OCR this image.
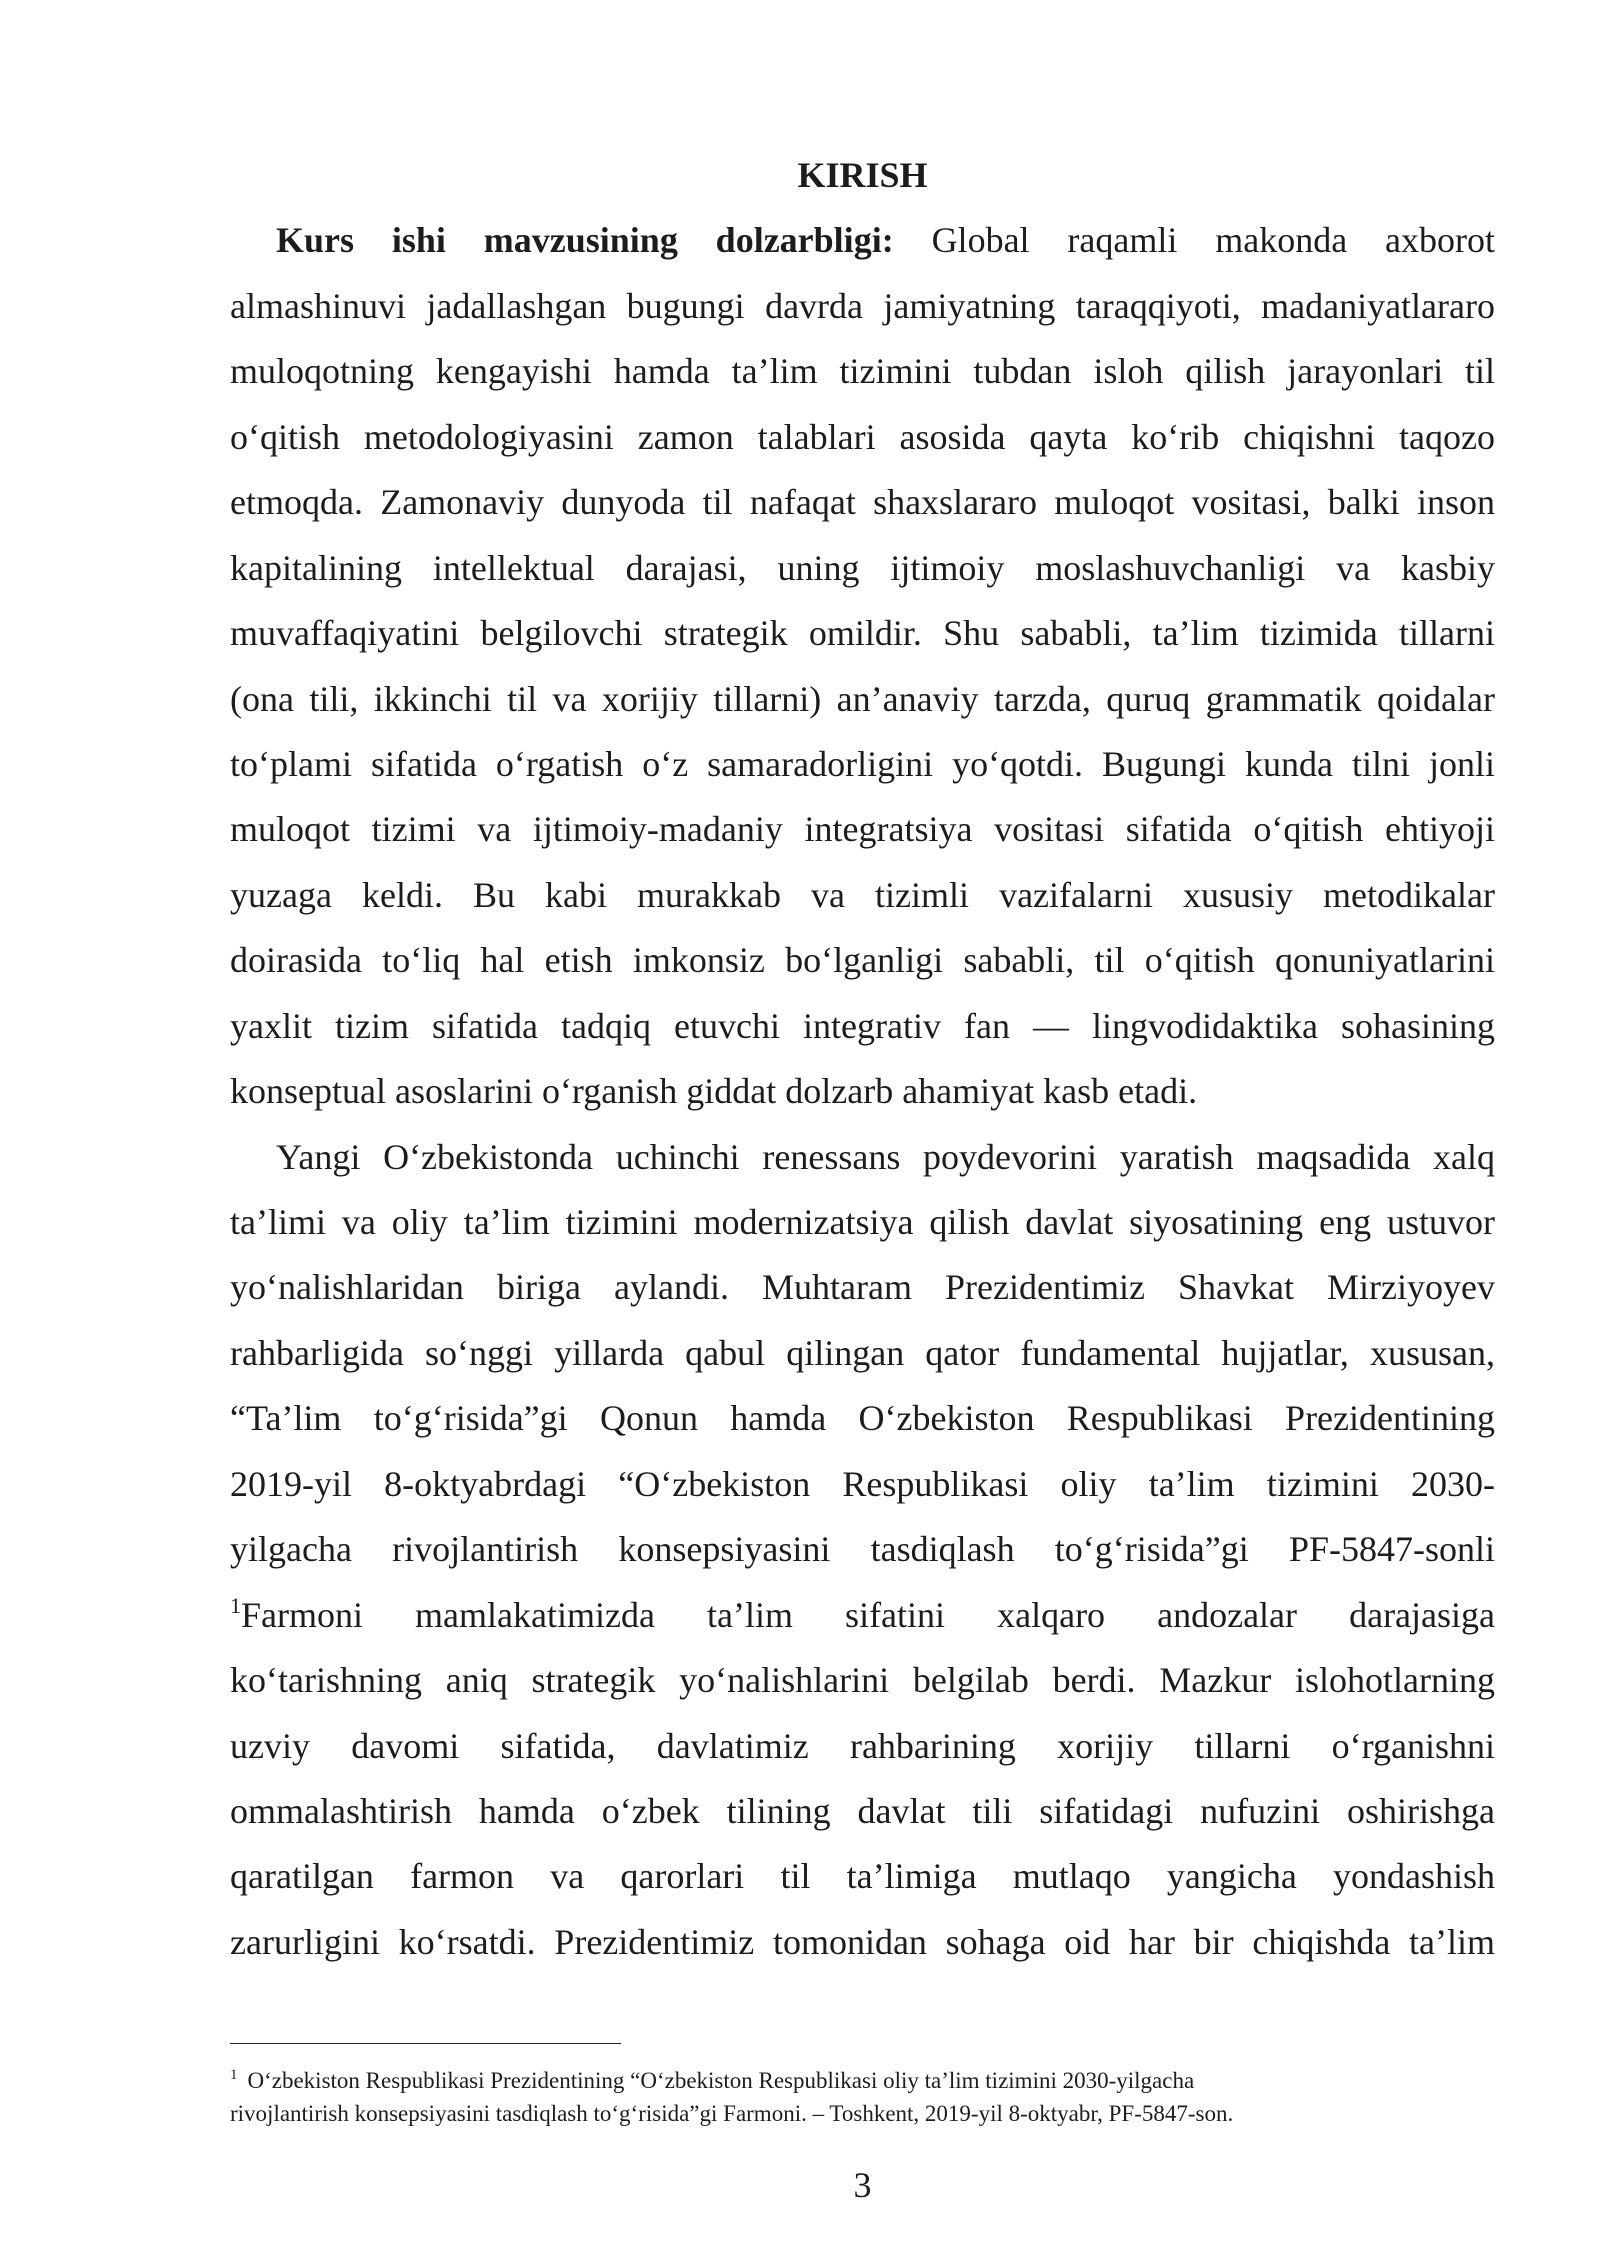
KIRISH
Kurs ishi mavzusining dolzarbligi: Global raqamli makonda axborot
almashinuvi jadallashgan bugungi davrda jamiyatning taraqqiyoti, madaniyatlararo
muloqotning kengayishi hamda ta’lim tizimini tubdan isloh qilish jarayonlari til
o‘qitish metodologiyasini zamon talablari asosida qayta ko‘rib chiqishni taqozo
etmoqda. Zamonaviy dunyoda til nafaqat shaxslararo muloqot vositasi, balki inson
kapitalining intellektual darajasi, uning ijtimoiy moslashuvchanligi va kasbiy
muvaffaqiyatini belgilovchi strategik omildir. Shu sababli, ta’lim tizimida tillarni
(ona tili, ikkinchi til va xorijiy tillarni) an’anaviy tarzda, quruq grammatik qoidalar
to‘plami sifatida o‘rgatish o‘z samaradorligini yo‘qotdi. Bugungi kunda tilni jonli
muloqot tizimi va ijtimoiy-madaniy integratsiya vositasi sifatida o‘qitish ehtiyoji
yuzaga keldi. Bu kabi murakkab va tizimli vazifalarni xususiy metodikalar
doirasida to‘liq hal etish imkonsiz bo‘lganligi sababli, til o‘qitish qonuniyatlarini
yaxlit tizim sifatida tadqiq etuvchi integrativ fan — lingvodidaktika sohasining
konseptual asoslarini o‘rganish giddat dolzarb ahamiyat kasb etadi.
Yangi O‘zbekistonda uchinchi renessans poydevorini yaratish maqsadida xalq
ta’limi va oliy ta’lim tizimini modernizatsiya qilish davlat siyosatining eng ustuvor
yo‘nalishlaridan biriga aylandi. Muhtaram Prezidentimiz Shavkat Mirziyoyev
rahbarligida so‘nggi yillarda qabul qilingan qator fundamental hujjatlar, xususan,
“Ta’lim to‘g‘risida”gi Qonun hamda O‘zbekiston Respublikasi Prezidentining
2019-yil 8-oktyabrdagi “O‘zbekiston Respublikasi oliy ta’lim tizimini 2030-
yilgacha rivojlantirish konsepsiyasini tasdiqlash to‘g‘risida”gi PF-5847-sonli
$^1$Farmoni mamlakatimizda ta’lim sifatini xalqaro andozalar darajasiga
ko‘tarishning aniq strategik yo‘nalishlarini belgilab berdi. Mazkur islohotlarning
uzviy davomi sifatida, davlatimiz rahbarining xorijiy tillarni o‘rganishni
ommalashtirish hamda o‘zbek tilining davlat tili sifatidagi nufuzini oshirishga
qaratilgan farmon va qarorlari til ta’limiga mutlaqo yangicha yondashish
zarurligini ko‘rsatdi. Prezidentimiz tomonidan sohaga oid har bir chiqishda ta’lim
$^1$ O‘zbekiston Respublikasi Prezidentining “O‘zbekiston Respublikasi oliy ta’lim tizimini 2030-yilgacha
rivojlantirish konsepsiyasini tasdiqlash to‘g‘risida”gi Farmoni. – Toshkent, 2019-yil 8-oktyabr, PF-5847-son.
3
